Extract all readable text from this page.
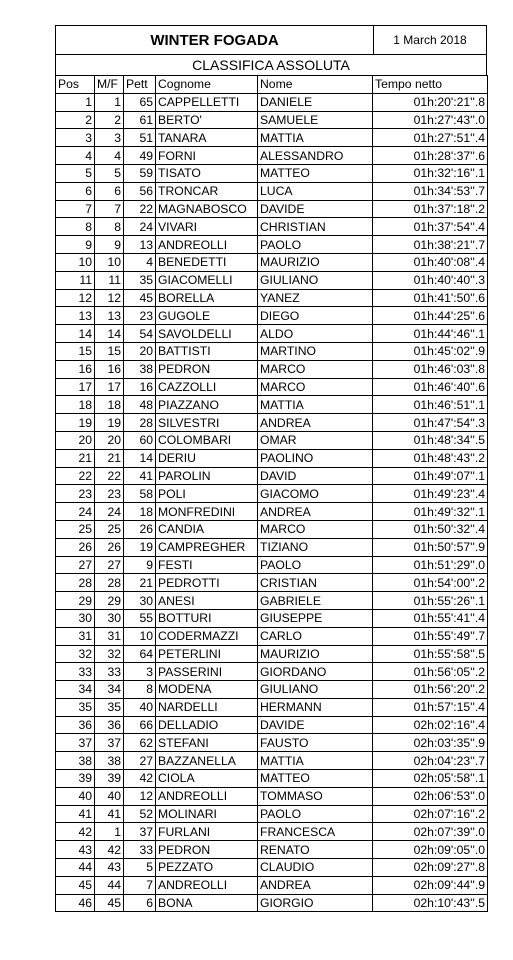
WINTER FOGADA	1 March 2018
CLASSIFICA ASSOLUTA
Pos	M/F	Pett	Cognome	Nome	Tempo netto
1	1	65	CAPPELLETTI	DANIELE	01h:20':21''.8
2	2	61	BERTO'	SAMUELE	01h:27':43''.0
3	3	51	TANARA	MATTIA	01h:27':51''.4
4	4	49	FORNI	ALESSANDRO	01h:28':37''.6
5	5	59	TISATO	MATTEO	01h:32':16''.1
6	6	56	TRONCAR	LUCA	01h:34':53''.7
7	7	22	MAGNABOSCO	DAVIDE	01h:37':18''.2
8	8	24	VIVARI	CHRISTIAN	01h:37':54''.4
9	9	13	ANDREOLLI	PAOLO	01h:38':21''.7
10	10	4	BENEDETTI	MAURIZIO	01h:40':08''.4
11	11	35	GIACOMELLI	GIULIANO	01h:40':40''.3
12	12	45	BORELLA	YANEZ	01h:41':50''.6
13	13	23	GUGOLE	DIEGO	01h:44':25''.6
14	14	54	SAVOLDELLI	ALDO	01h:44':46''.1
15	15	20	BATTISTI	MARTINO	01h:45':02''.9
16	16	38	PEDRON	MARCO	01h:46':03''.8
17	17	16	CAZZOLLI	MARCO	01h:46':40''.6
18	18	48	PIAZZANO	MATTIA	01h:46':51''.1
19	19	28	SILVESTRI	ANDREA	01h:47':54''.3
20	20	60	COLOMBARI	OMAR	01h:48':34''.5
21	21	14	DERIU	PAOLINO	01h:48':43''.2
22	22	41	PAROLIN	DAVID	01h:49':07''.1
23	23	58	POLI	GIACOMO	01h:49':23''.4
24	24	18	MONFREDINI	ANDREA	01h:49':32''.1
25	25	26	CANDIA	MARCO	01h:50':32''.4
26	26	19	CAMPREGHER	TIZIANO	01h:50':57''.9
27	27	9	FESTI	PAOLO	01h:51':29''.0
28	28	21	PEDROTTI	CRISTIAN	01h:54':00''.2
29	29	30	ANESI	GABRIELE	01h:55':26''.1
30	30	55	BOTTURI	GIUSEPPE	01h:55':41''.4
31	31	10	CODERMAZZI	CARLO	01h:55':49''.7
32	32	64	PETERLINI	MAURIZIO	01h:55':58''.5
33	33	3	PASSERINI	GIORDANO	01h:56':05''.2
34	34	8	MODENA	GIULIANO	01h:56':20''.2
35	35	40	NARDELLI	HERMANN	01h:57':15''.4
36	36	66	DELLADIO	DAVIDE	02h:02':16''.4
37	37	62	STEFANI	FAUSTO	02h:03':35''.9
38	38	27	BAZZANELLA	MATTIA	02h:04':23''.7
39	39	42	CIOLA	MATTEO	02h:05':58''.1
40	40	12	ANDREOLLI	TOMMASO	02h:06':53''.0
41	41	52	MOLINARI	PAOLO	02h:07':16''.2
42	1	37	FURLANI	FRANCESCA	02h:07':39''.0
43	42	33	PEDRON	RENATO	02h:09':05''.0
44	43	5	PEZZATO	CLAUDIO	02h:09':27''.8
45	44	7	ANDREOLLI	ANDREA	02h:09':44''.9
46	45	6	BONA	GIORGIO	02h:10':43''.5
